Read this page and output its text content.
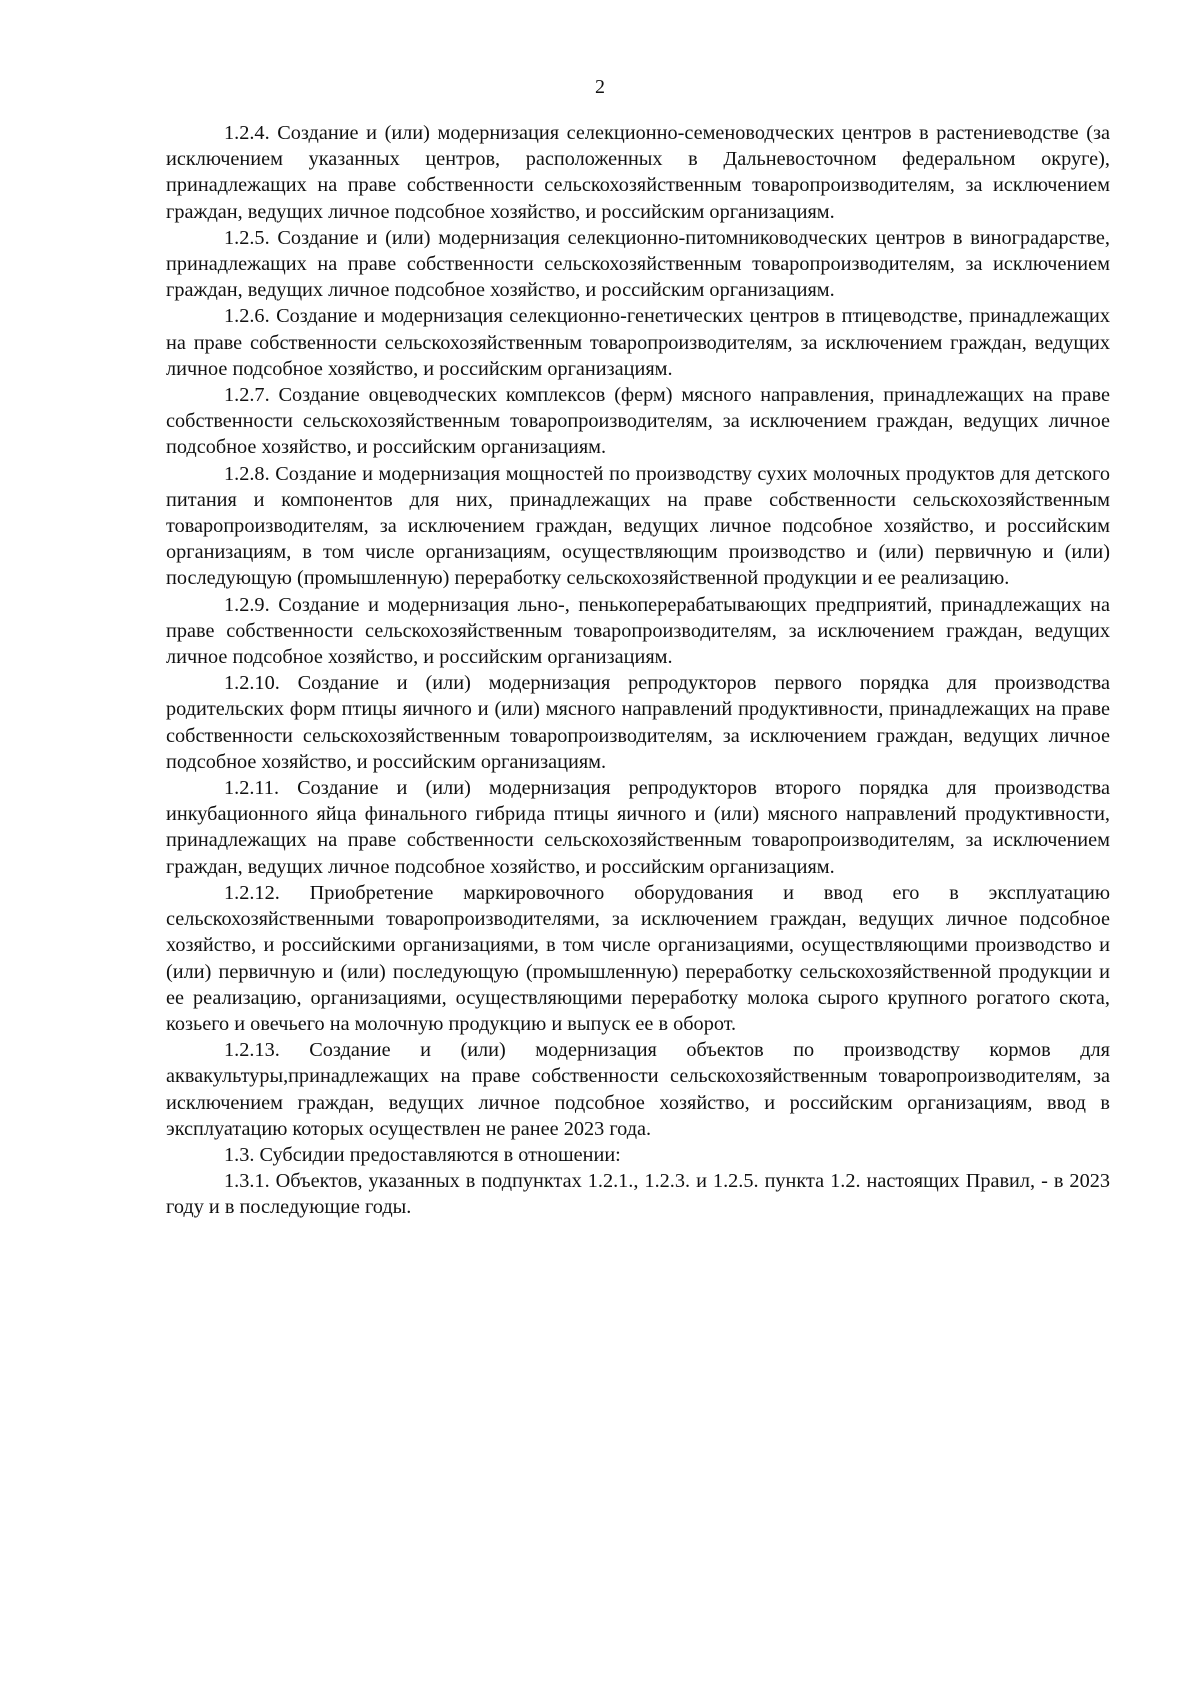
2

1.2.4. Создание и (или) модернизация селекционно-семеноводческих центров в растениеводстве (за исключением указанных центров, расположенных в Дальневосточном федеральном округе), принадлежащих на праве собственности сельскохозяйственным товаропроизводителям, за исключением граждан, ведущих личное подсобное хозяйство, и российским организациям.

1.2.5. Создание и (или) модернизация селекционно-питомниководческих центров в виноградарстве, принадлежащих на праве собственности сельскохозяйственным товаропроизводителям, за исключением граждан, ведущих личное подсобное хозяйство, и российским организациям.

1.2.6. Создание и модернизация селекционно-генетических центров в птицеводстве, принадлежащих на праве собственности сельскохозяйственным товаропроизводителям, за исключением граждан, ведущих личное подсобное хозяйство, и российским организациям.

1.2.7. Создание овцеводческих комплексов (ферм) мясного направления, принадлежащих на праве собственности сельскохозяйственным товаропроизводителям, за исключением граждан, ведущих личное подсобное хозяйство, и российским организациям.

1.2.8. Создание и модернизация мощностей по производству сухих молочных продуктов для детского питания и компонентов для них, принадлежащих на праве собственности сельскохозяйственным товаропроизводителям, за исключением граждан, ведущих личное подсобное хозяйство, и российским организациям, в том числе организациям, осуществляющим производство и (или) первичную и (или) последующую (промышленную) переработку сельскохозяйственной продукции и ее реализацию.

1.2.9. Создание и модернизация льно-, пенькоперерабатывающих предприятий, принадлежащих на праве собственности сельскохозяйственным товаропроизводителям, за исключением граждан, ведущих личное подсобное хозяйство, и российским организациям.

1.2.10. Создание и (или) модернизация репродукторов первого порядка для производства родительских форм птицы яичного и (или) мясного направлений продуктивности, принадлежащих на праве собственности сельскохозяйственным товаропроизводителям, за исключением граждан, ведущих личное подсобное хозяйство, и российским организациям.

1.2.11. Создание и (или) модернизация репродукторов второго порядка для производства инкубационного яйца финального гибрида птицы яичного и (или) мясного направлений продуктивности, принадлежащих на праве собственности сельскохозяйственным товаропроизводителям, за исключением граждан, ведущих личное подсобное хозяйство, и российским организациям.

1.2.12. Приобретение маркировочного оборудования и ввод его в эксплуатацию сельскохозяйственными товаропроизводителями, за исключением граждан, ведущих личное подсобное хозяйство, и российскими организациями, в том числе организациями, осуществляющими производство и (или) первичную и (или) последующую (промышленную) переработку сельскохозяйственной продукции и ее реализацию, организациями, осуществляющими переработку молока сырого крупного рогатого скота, козьего и овечьего на молочную продукцию и выпуск ее в оборот.

1.2.13. Создание и (или) модернизация объектов по производству кормов для аквакультуры,принадлежащих на праве собственности сельскохозяйственным товаропроизводителям, за исключением граждан, ведущих личное подсобное хозяйство, и российским организациям, ввод в эксплуатацию которых осуществлен не ранее 2023 года.

1.3. Субсидии предоставляются в отношении:

1.3.1. Объектов, указанных в подпунктах 1.2.1., 1.2.3. и 1.2.5. пункта 1.2. настоящих Правил, - в 2023 году и в последующие годы.
